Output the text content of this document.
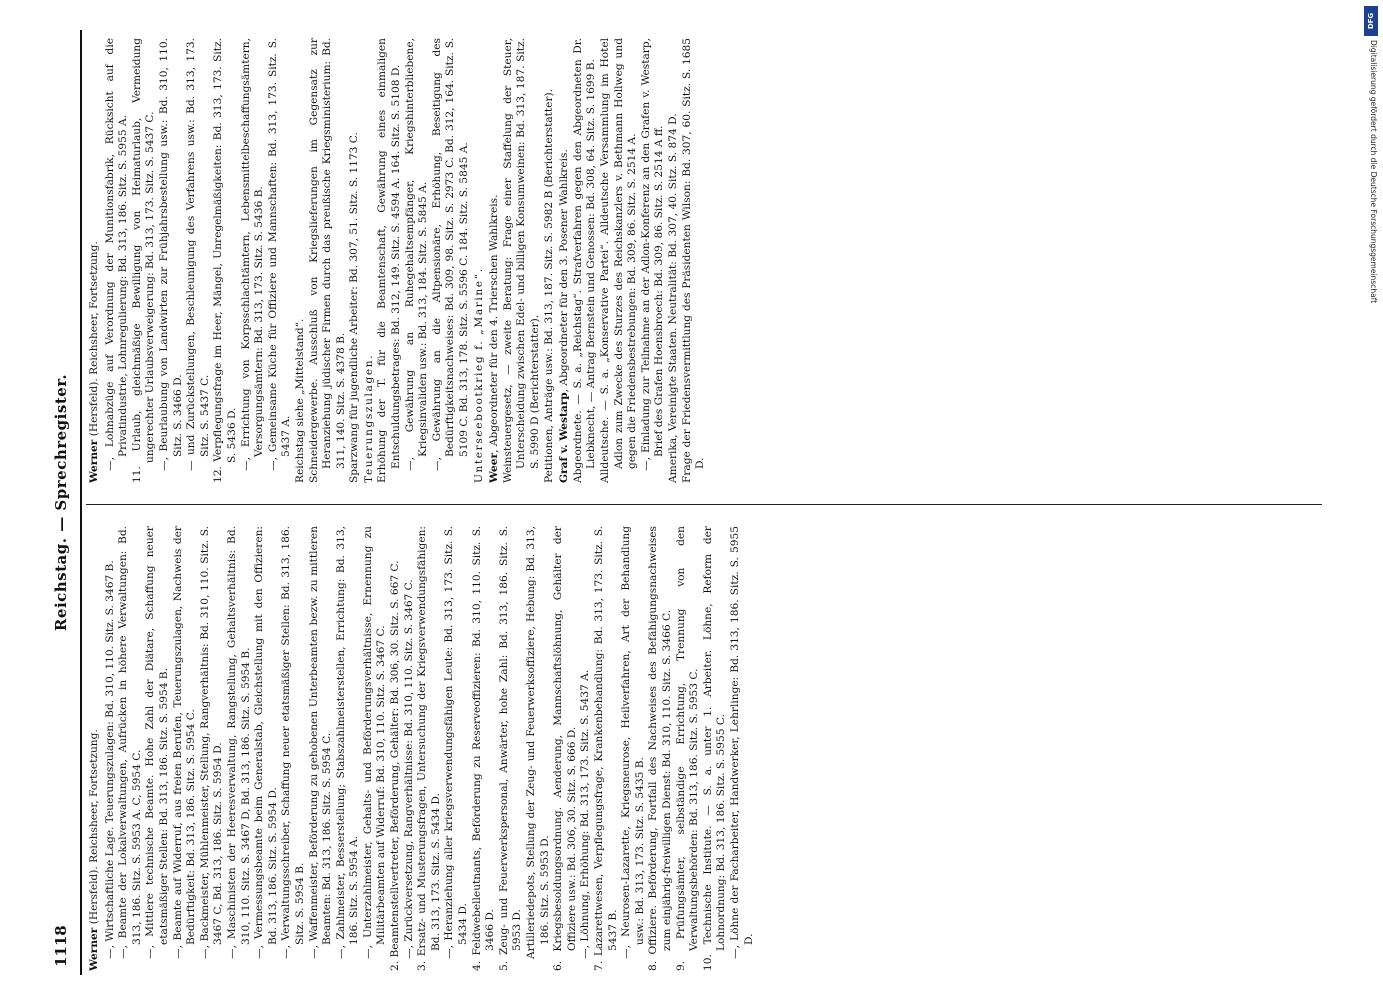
1118
Reichstag. — Sprechregister.

Werner (Hersfeld). Reichsheer, Fortsetzung. —, Wirtschaftliche Lage. Teuerungszulagen: Bd. 310, 110. Sitz. S. 3467 B. —, Beamte der Lokalverwaltungen, Aufrücken in höhere Verwaltungen: Bd. 313, 186. Sitz. S. 5953 A. C, 5954 C. —, Mittlere technische Beamte. Hohe Zahl der Diätare, Schaffung neuer etatsmäßiger Stellen: Bd. 313, 186. Sitz. S. 5954 B. —, Beamte auf Widerruf, aus freien Berufen, Teuerungszulagen, Nachweis der Bedürftigkeit: Bd. 313, 186. Sitz. S. 5954 C. —, Backmeister, Mühlenmeister, Stellung, Rangverhältnis: Bd. 310, 110. Sitz. S. 3467 C, Bd. 313, 186. Sitz. S. 5954 D. —, Maschinisten der Heeresverwaltung, Rangstellung, Gehaltsverhältnis: Bd. 310, 110. Sitz. S. 3467 D, Bd. 313, 186. Sitz. S. 5954 B. —, Vermessungsbeamte beim Generalstab, Gleichstellung mit den Offizieren: Bd. 313, 186. Sitz. S. 5954 D. —, Verwaltungsschreiber, Schaffung neuer etatsmäßiger Stellen: Bd. 313, 186. Sitz. S. 5954 B. —, Waffenmeister, Beförderung zu gehobenen Unterbeamten bezw. zu mittleren Beamten: Bd. 313, 186. Sitz. S. 5954 C. —, Zahlmeister, Besserstellung; Stabszahlmeisterstellen, Errichtung: Bd. 313, 186. Sitz. S. 5954 A. —, Unterzahlmeister, Gehalts- und Beförderungsverhältnisse, Ernennung zu Militärbeamten auf Widerruf: Bd. 310, 110. Sitz. S. 3467 C. 2. Beamtenstellvertreter, Beförderung, Gehälter: Bd. 306, 30. Sitz. S. 667 C. —, Zurückversetzung, Rangverhältnisse: Bd. 310, 110. Sitz. S. 3467 C. 3. Ersatz- und Musterungsfragen, Untersuchung der Kriegsverwendungsfähigen: Bd. 313, 173. Sitz. S. 5434 D. —, Heranziehung aller kriegsverwendungsfähigen Leute: Bd. 313, 173. Sitz. S. 5434 D. 4. Feldwebelleutnants, Beförderung zu Reserveoffizieren: Bd. 310, 110. Sitz. S. 3466 D. 5. Zeug- und Feuerwerkspersonal, Anwärter, hohe Zahl: Bd. 313, 186. Sitz. S. 5953 D. Artilleriedepots, Stellung der Zeug- und Feuerwerksoffiziere, Hebung: Bd. 313, 186. Sitz. S. 5953 D. 6. Kriegsbesoldungsordnung. Aenderung, Mannschaftslöhnung, Gehälter der Offiziere usw.: Bd. 306, 30. Sitz. S. 666 D. —, Löhnung, Erhöhung: Bd. 313, 173. Sitz. S. 5437 A. 7. Lazarettwesen, Verpflegungsfrage, Krankenbehandlung: Bd. 313, 173. Sitz. S. 5437 B. —, Neurosen-Lazarette, Kriegsneurose, Heilverfahren, Art der Behandlung usw.: Bd. 313, 173. Sitz. S. 5435 B. 8. Offiziere. Beförderung, Fortfall des Nachweises des Befähigungsnachweises zum einjährig-freiwilligen Dienst: Bd. 310, 110. Sitz. S. 3466 C. 9. Prüfungsämter, selbständige Errichtung, Trennung von den Verwaltungsbehörden: Bd. 313, 186. Sitz. S. 5953 C. 10. Technische Institute. — S. a. unter 1. Arbeiter. Löhne, Reform der Lohnordnung: Bd. 313, 186. Sitz. S. 5955 C. —, Löhne der Facharbeiter, Handwerker, Lehrlinge: Bd. 313, 186. Sitz. S. 5955 D.

Werner (Hersfeld). Reichsheer, Fortsetzung. —, Lohnabzüge auf Verordnung der Munitionsfabrik, Rücksicht auf die Privatindustrie, Lohnregulierung: Bd. 313, 186. Sitz. S. 5955 A. 11. Urlaub, gleichmäßige Bewilligung von Heimaturlaub, Vermeidung ungerechter Urlaubsverweigerung: Bd. 313, 173. Sitz. S. 5437 C. —, Beurlaubung von Landwirten zur Frühjahrsbestellung usw.: Bd. 310, 110. Sitz. S. 3466 D. — und Zurückstellungen, Beschleunigung des Verfahrens usw.: Bd. 313, 173. Sitz. S. 5437 C. 12. Verpflegungsfrage im Heer, Mängel, Unregelmäßigkeiten: Bd. 313, 173. Sitz. S. 5436 D. —, Errichtung von Korpsschlachtämtern, Lebensmittelbeschaffungsämtern, Versorgungsämtern: Bd. 313, 173. Sitz. S. 5436 B. —, Gemeinsame Küche für Offiziere und Mannschaften: Bd. 313, 173. Sitz. S. 5437 A. Reichstag siehe „Mittelstand“. Schneidergewerbe. Ausschluß von Kriegslieferungen im Gegensatz zur Heranziehung jüdischer Firmen durch das preußische Kriegsministerium: Bd. 311, 140. Sitz. S. 4378 B. Sparzwang für jugendliche Arbeiter: Bd. 307, 51. Sitz. S. 1173 C. Teuerungszulagen. Erhöhung der T. für die Beamtenschaft, Gewährung eines einmaligen Entschuldungsbetrages: Bd. 312, 149. Sitz. S. 4594 A. 164. Sitz. S. 5108 D. —, Gewährung an Ruhegehaltsempfänger, Kriegshinterbliebene, Kriegsinvaliden usw.: Bd. 313, 184. Sitz. S. 5845 A. —, Gewährung an die Altpensionäre, Erhöhung, Beseitigung des Bedürftigkeitsnachweises: Bd. 309, 98. Sitz. S. 2973 C. Bd. 312, 164. Sitz. S. 5109 C. Bd. 313, 178. Sitz. S. 5596 C. 184. Sitz. S. 5845 A. Unterseebootkrieg f. „Marine“. Weer, Abgeordneter für den 4. Trierschen Wahlkreis. Weinsteuergesetz, — zweite Beratung: Frage einer Staffelung der Steuer, Unterscheidung zwischen Edel- und billigen Konsumweinen: Bd. 313, 187. Sitz. S. 5990 D (Berichterstatter). Petitionen, Anträge usw.: Bd. 313, 187. Sitz. S. 5982 B (Berichterstatter). Graf v. Westarp, Abgeordneter für den 3. Posener Wahlkreis. Abgeordnete. — S. a. „Reichstag“. Strafverfahren gegen den Abgeordneten Dr. Liebknecht, — Antrag Bernstein und Genossen: Bd. 308, 64. Sitz. S. 1699 B. Alldeutsche. — S. a. „Konservative Partei“. Alldeutsche Versammlung im Hotel Adlon zum Zwecke des Sturzes des Reichskanzlers v. Bethmann Hollweg und gegen die Friedensbestrebungen: Bd. 309, 86. Sitz. S. 2514 A. —, Einladung zur Teilnahme an der Adlon-Konferenz an den Grafen v. Westarp, Brief des Grafen Hoensbroech: Bd. 309, 86. Sitz. S. 2514 A ff. Amerika, Vereinigte Staaten. Neutralität: Bd. 307, 40. Sitz. S. 874 D. Frage der Friedensvermittlung des Präsidenten Wilson: Bd. 307, 60. Sitz. S. 1685 D.

DFG
Digitalisierung gefördert durch die Deutsche Forschungsgemeinschaft
